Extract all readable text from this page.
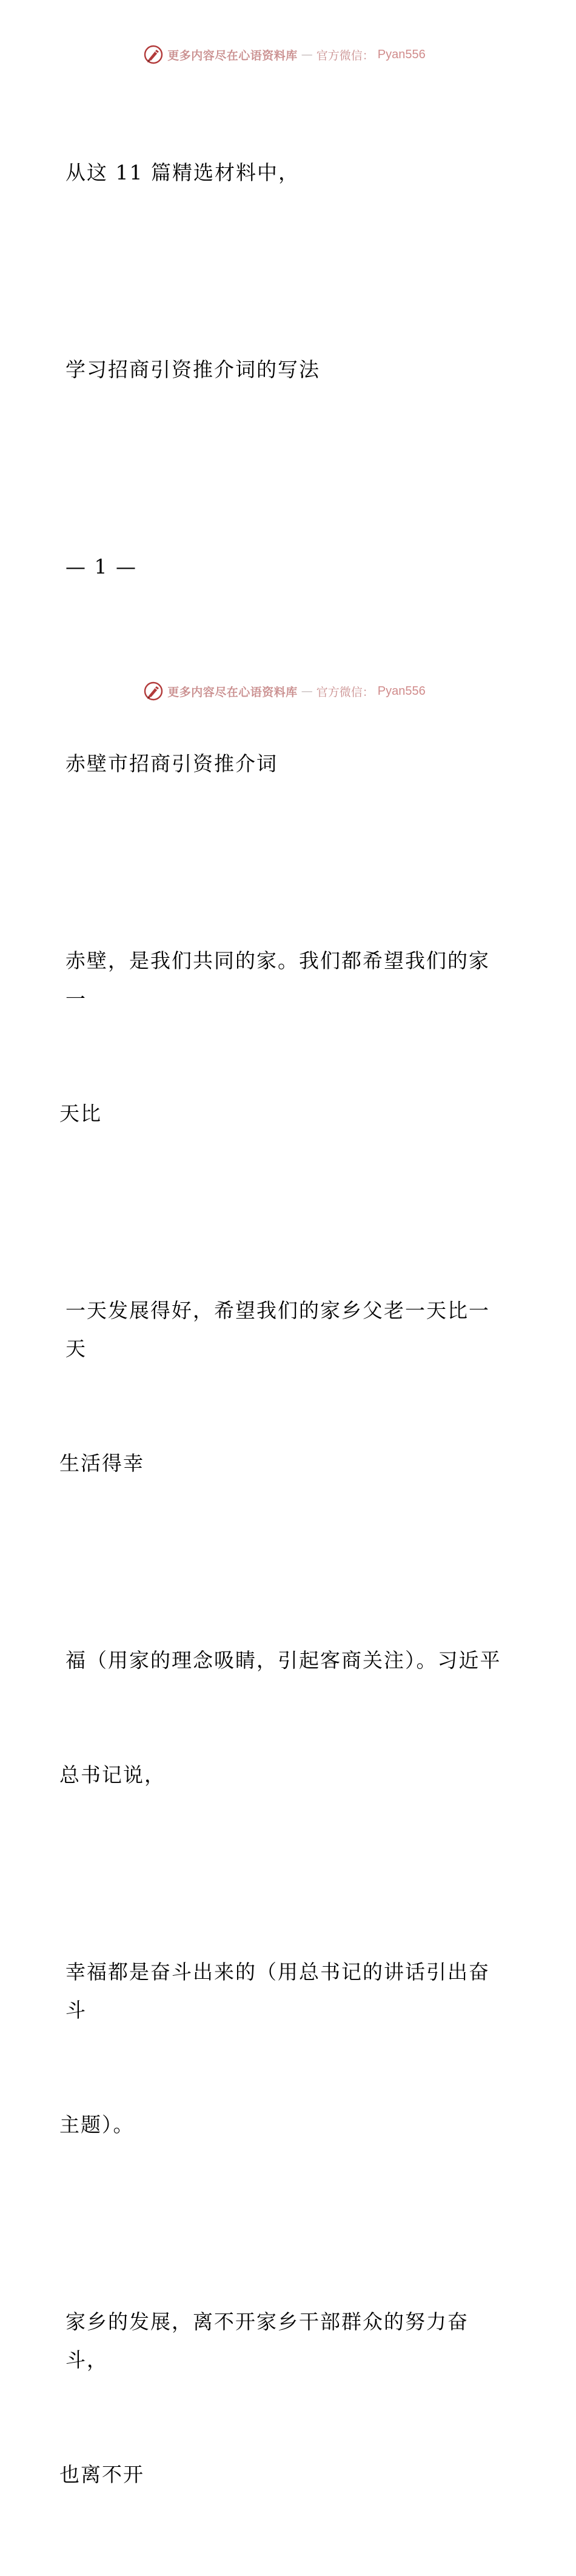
更多内容尽在心语资料库 — 官方微信： Pyan556

从这 11 篇精选材料中，

学习招商引资推介词的写法

— 1 —

赤壁市招商引资推介词

赤壁，是我们共同的家。我们都希望我们的家一

天比

一天发展得好，希望我们的家乡父老一天比一天

生活得幸

福（用家的理念吸睛，引起客商关注）。习近平

总书记说，

幸福都是奋斗出来的（用总书记的讲话引出奋斗

主题）。

家乡的发展，离不开家乡干部群众的努力奋斗，

也离不开

更多内容尽在心语资料库 — 官方微信： Pyan556
